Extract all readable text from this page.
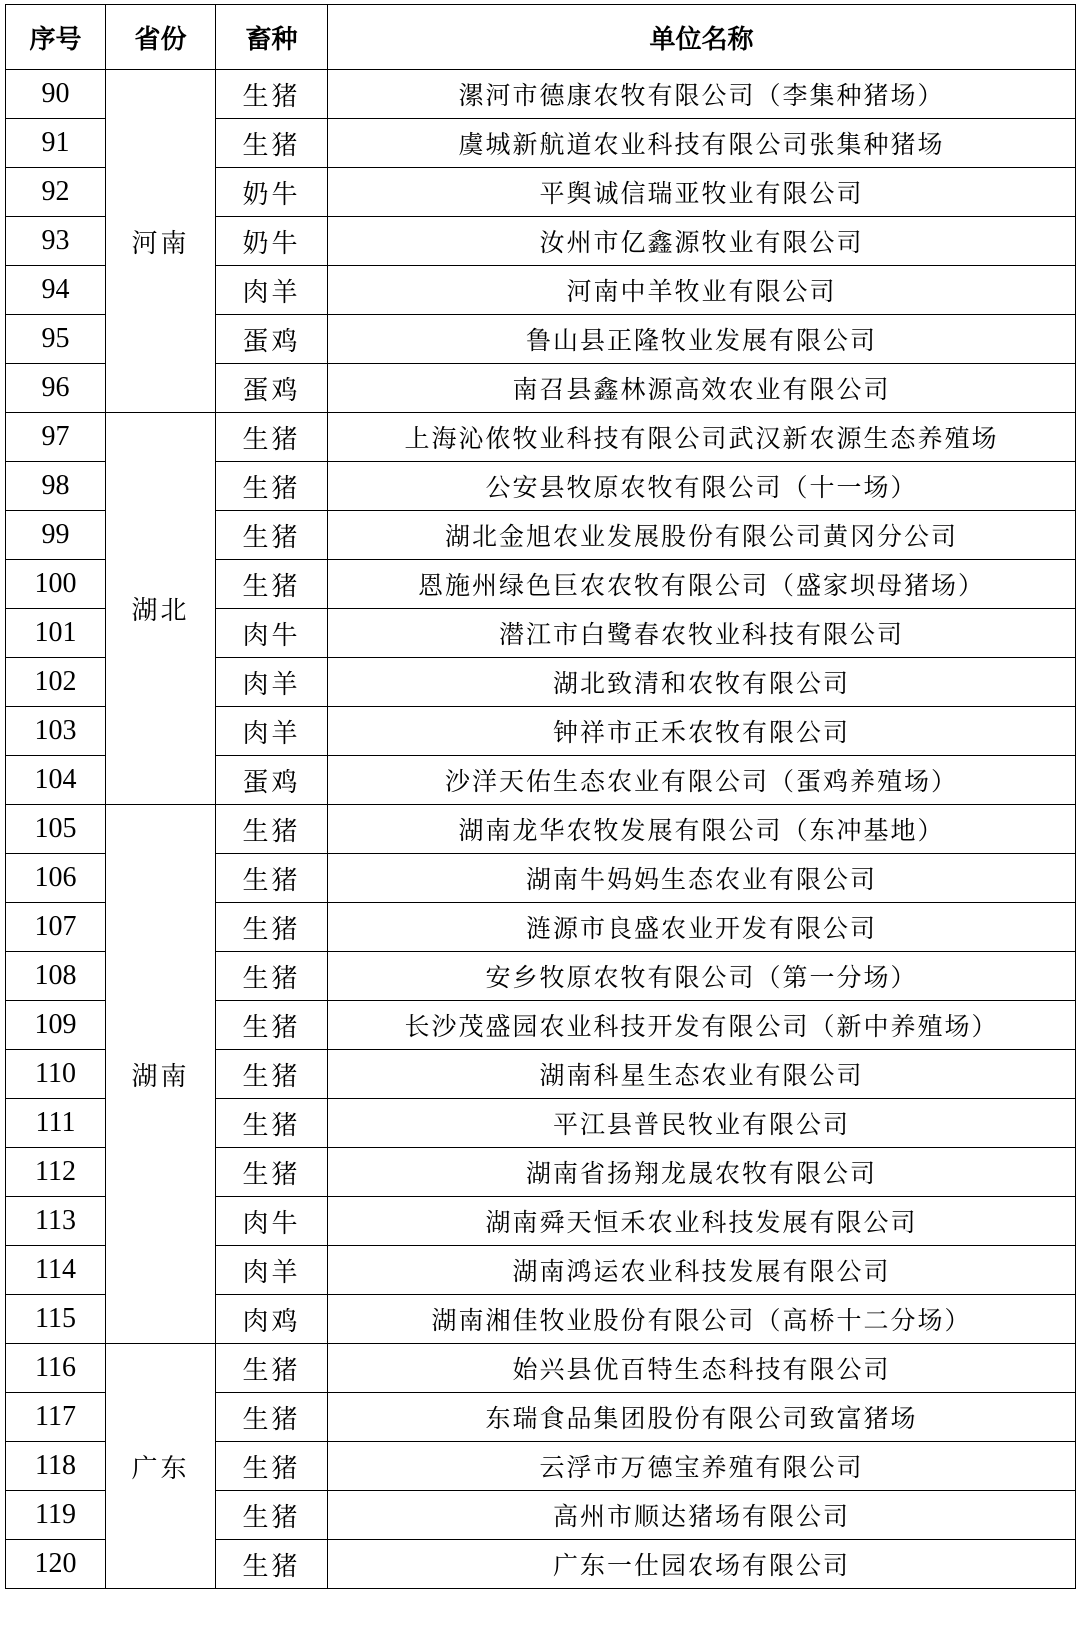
序号	省份	畜种	单位名称
90	河南	生猪	漯河市德康农牧有限公司（李集种猪场）
91		生猪	虞城新航道农业科技有限公司张集种猪场
92		奶牛	平舆诚信瑞亚牧业有限公司
93		奶牛	汝州市亿鑫源牧业有限公司
94		肉羊	河南中羊牧业有限公司
95		蛋鸡	鲁山县正隆牧业发展有限公司
96		蛋鸡	南召县鑫林源高效农业有限公司
97	湖北	生猪	上海沁侬牧业科技有限公司武汉新农源生态养殖场
98		生猪	公安县牧原农牧有限公司（十一场）
99		生猪	湖北金旭农业发展股份有限公司黄冈分公司
100		生猪	恩施州绿色巨农农牧有限公司（盛家坝母猪场）
101		肉牛	潜江市白鹭春农牧业科技有限公司
102		肉羊	湖北致清和农牧有限公司
103		肉羊	钟祥市正禾农牧有限公司
104		蛋鸡	沙洋天佑生态农业有限公司（蛋鸡养殖场）
105	湖南	生猪	湖南龙华农牧发展有限公司（东冲基地）
106		生猪	湖南牛妈妈生态农业有限公司
107		生猪	涟源市良盛农业开发有限公司
108		生猪	安乡牧原农牧有限公司（第一分场）
109		生猪	长沙茂盛园农业科技开发有限公司（新中养殖场）
110		生猪	湖南科星生态农业有限公司
111		生猪	平江县普民牧业有限公司
112		生猪	湖南省扬翔龙晟农牧有限公司
113		肉牛	湖南舜天恒禾农业科技发展有限公司
114		肉羊	湖南鸿运农业科技发展有限公司
115		肉鸡	湖南湘佳牧业股份有限公司（高桥十二分场）
116	广东	生猪	始兴县优百特生态科技有限公司
117		生猪	东瑞食品集团股份有限公司致富猪场
118		生猪	云浮市万德宝养殖有限公司
119		生猪	高州市顺达猪场有限公司
120		生猪	广东一仕园农场有限公司
